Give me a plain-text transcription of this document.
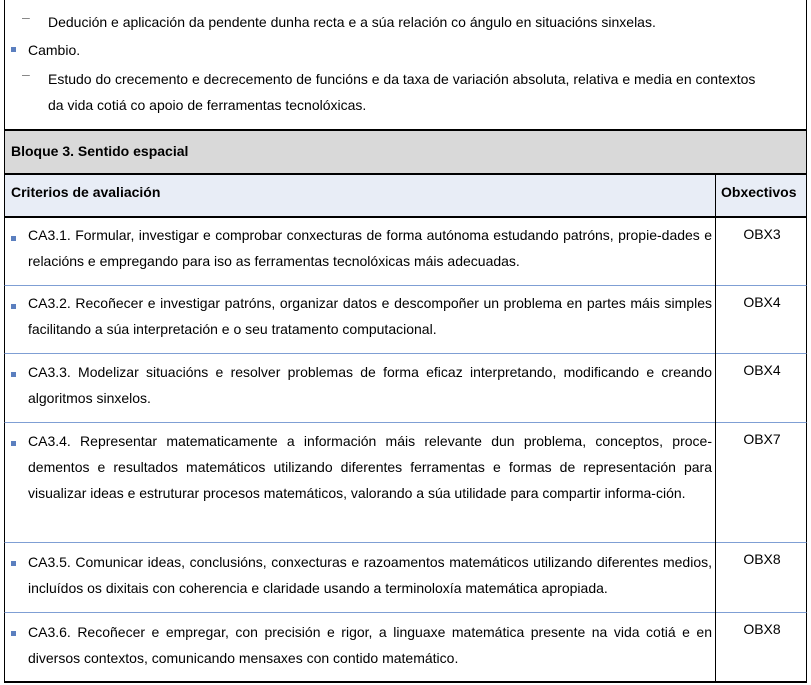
– Dedución e aplicación da pendente dunha recta e a súa relación co ángulo en situacións sinxelas.
Cambio.
– Estudo do crecemento e decrecemento de funcións e da taxa de variación absoluta, relativa e media en contextos
da vida cotiá co apoio de ferramentas tecnolóxicas.
Bloque 3. Sentido espacial
Criterios de avaliación	Obxectivos
CA3.1. Formular, investigar e comprobar conxecturas de forma autónoma estudando patróns, propie-dades e relacións e empregando para iso as ferramentas tecnolóxicas máis adecuadas.
OBX3
CA3.2. Recoñecer e investigar patróns, organizar datos e descompoñer un problema en partes máis simples facilitando a súa interpretación e o seu tratamento computacional.
OBX4
CA3.3. Modelizar situacións e resolver problemas de forma eficaz interpretando, modificando e creando algoritmos sinxelos.
OBX4
CA3.4. Representar matematicamente a información máis relevante dun problema, conceptos, proce-dementos e resultados matemáticos utilizando diferentes ferramentas e formas de representación para visualizar ideas e estruturar procesos matemáticos, valorando a súa utilidade para compartir informa-ción.
OBX7
CA3.5. Comunicar ideas, conclusións, conxecturas e razoamentos matemáticos utilizando diferentes medios, incluídos os dixitais con coherencia e claridade usando a terminoloxía matemática apropiada.
OBX8
CA3.6. Recoñecer e empregar, con precisión e rigor, a linguaxe matemática presente na vida cotiá e en diversos contextos, comunicando mensaxes con contido matemático.
OBX8
